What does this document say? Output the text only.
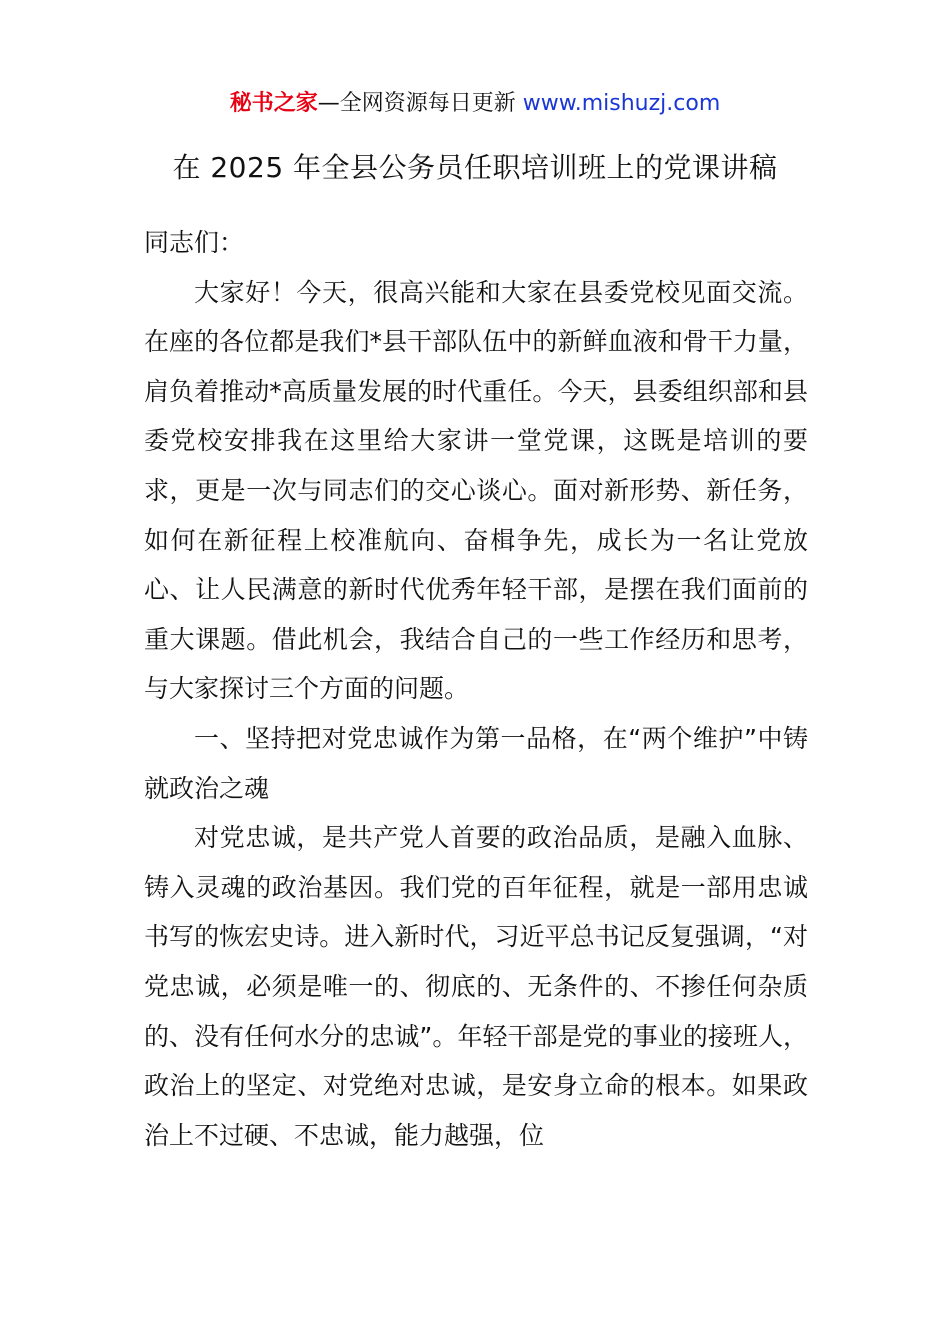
秘书之家—全网资源每日更新 www.mishuzj.com
在 2025 年全县公务员任职培训班上的党课讲稿

同志们：

大家好！今天，很高兴能和大家在县委党校见面交流。在座的各位都是我们*县干部队伍中的新鲜血液和骨干力量，肩负着推动*高质量发展的时代重任。今天，县委组织部和县委党校安排我在这里给大家讲一堂党课，这既是培训的要求，更是一次与同志们的交心谈心。面对新形势、新任务，如何在新征程上校准航向、奋楫争先，成长为一名让党放心、让人民满意的新时代优秀年轻干部，是摆在我们面前的重大课题。借此机会，我结合自己的一些工作经历和思考，与大家探讨三个方面的问题。

一、坚持把对党忠诚作为第一品格，在“两个维护”中铸就政治之魂

对党忠诚，是共产党人首要的政治品质，是融入血脉、铸入灵魂的政治基因。我们党的百年征程，就是一部用忠诚书写的恢宏史诗。进入新时代，习近平总书记反复强调，“对党忠诚，必须是唯一的、彻底的、无条件的、不掺任何杂质的、没有任何水分的忠诚”。年轻干部是党的事业的接班人，政治上的坚定、对党绝对忠诚，是安身立命的根本。如果政治上不过硬、不忠诚，能力越强，位
